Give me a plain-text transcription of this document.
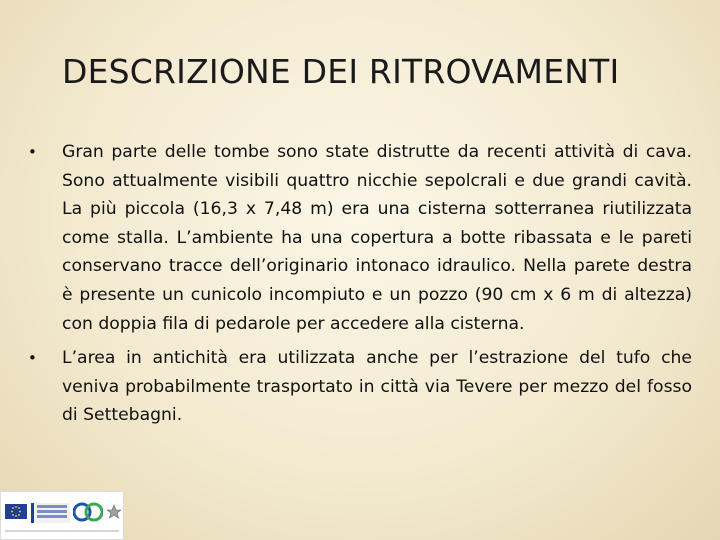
DESCRIZIONE DEI RITROVAMENTI
•	Gran parte delle tombe sono state distrutte da recenti attività di cava. Sono attualmente visibili quattro nicchie sepolcrali e due grandi cavità. La più piccola (16,3 x 7,48 m) era una cisterna sotterranea riutilizzata come stalla. L’ambiente ha una copertura a botte ribassata e le pareti conservano tracce dell’originario intonaco idraulico. Nella parete destra è presente un cunicolo incompiuto e un pozzo (90 cm x 6 m di altezza) con doppia fila di pedarole per accedere alla cisterna.
•	L’area in antichità era utilizzata anche per l’estrazione del tufo che veniva probabilmente trasportato in città via Tevere per mezzo del fosso di Settebagni.
